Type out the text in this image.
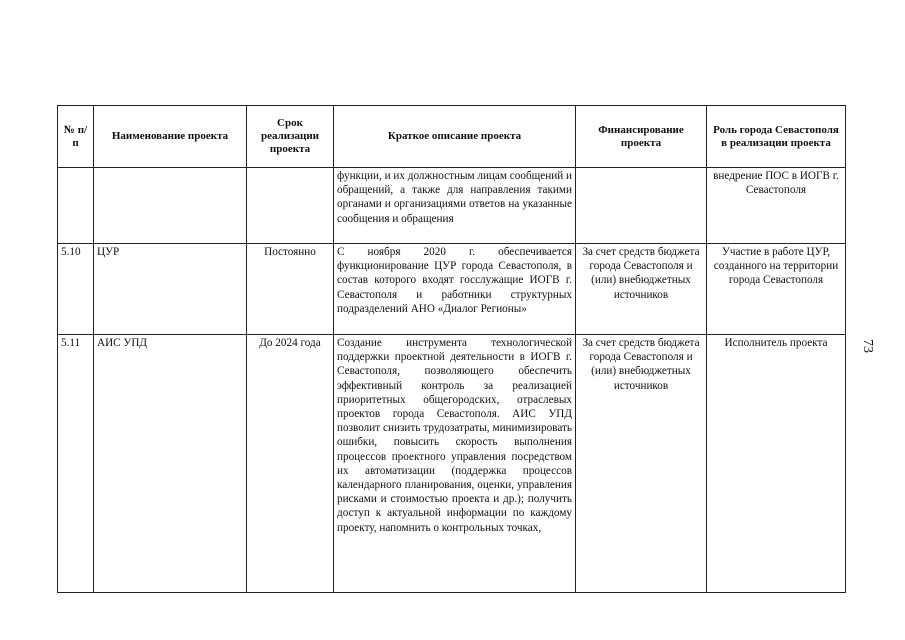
№ п/п	Наименование проекта	Срок реализации проекта	Краткое описание проекта	Финансирование проекта	Роль города Севастополя в реализации проекта
			функции, и их должностным лицам сообщений и обращений, а также для направления такими органами и организациями ответов на указанные сообщения и обращения		внедрение ПОС в ИОГВ г. Севастополя
5.10	ЦУР	Постоянно	С ноября 2020 г. обеспечивается функционирование ЦУР города Севастополя, в состав которого входят госслужащие ИОГВ г. Севастополя и работники структурных подразделений АНО «Диалог Регионы»	За счет средств бюджета города Севастополя и (или) внебюджетных источников	Участие в работе ЦУР, созданного на территории города Севастополя
5.11	АИС УПД	До 2024 года	Создание инструмента технологической поддержки проектной деятельности в ИОГВ г. Севастополя, позволяющего обеспечить эффективный контроль за реализацией приоритетных общегородских, отраслевых проектов города Севастополя. АИС УПД позволит снизить трудозатраты, минимизировать ошибки, повысить скорость выполнения процессов проектного управления посредством их автоматизации (поддержка процессов календарного планирования, оценки, управления рисками и стоимостью проекта и др.); получить доступ к актуальной информации по каждому проекту, напомнить о контрольных точках,	За счет средств бюджета города Севастополя и (или) внебюджетных источников	Исполнитель проекта 73
